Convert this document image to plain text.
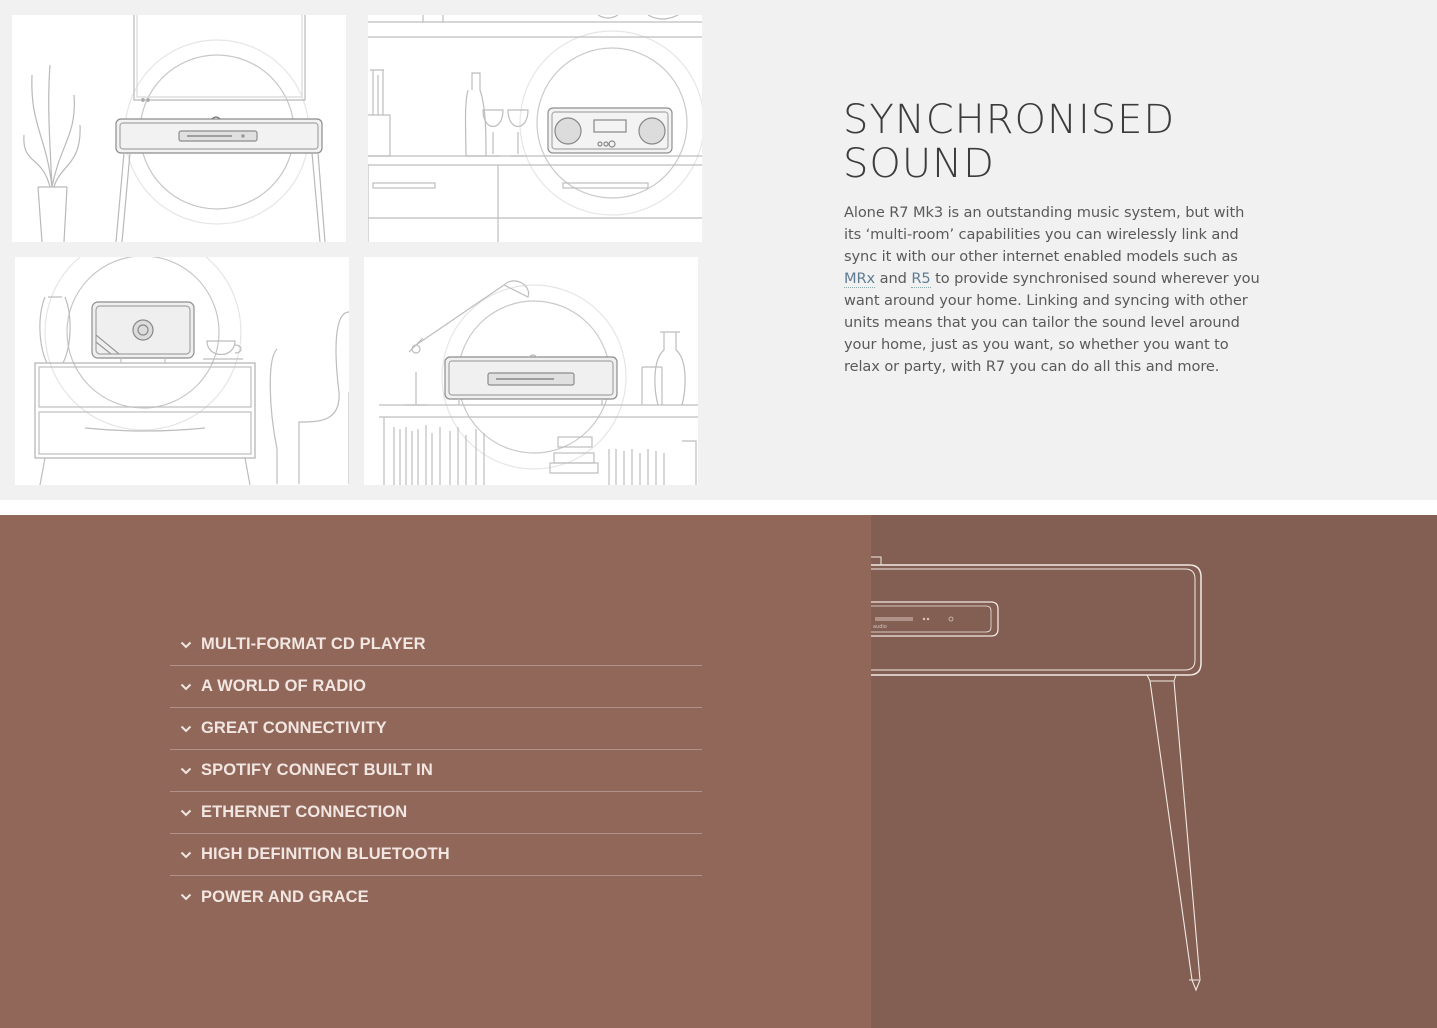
SYNCHRONISED
SOUND

Alone R7 Mk3 is an outstanding music system, but with its ‘multi-room’ capabilities you can wirelessly link and sync it with our other internet enabled models such as MRx and R5 to provide synchronised sound wherever you want around your home. Linking and syncing with other units means that you can tailor the sound level around your home, just as you want, so whether you want to relax or party, with R7 you can do all this and more.

audio
MULTI-FORMAT CD PLAYER
A WORLD OF RADIO
GREAT CONNECTIVITY
SPOTIFY CONNECT BUILT IN
ETHERNET CONNECTION
HIGH DEFINITION BLUETOOTH
POWER AND GRACE
